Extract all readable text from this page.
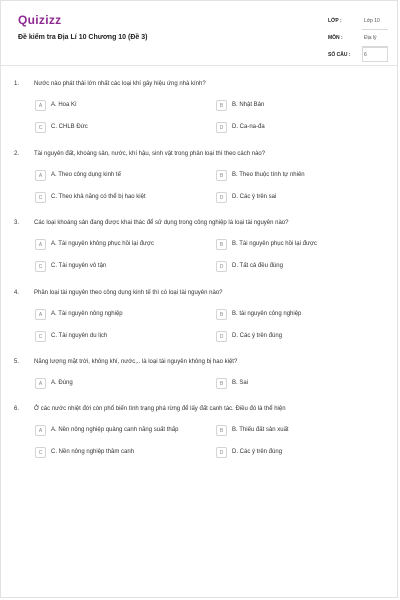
Quizizz
Đề kiểm tra Địa Lí 10 Chương 10 (Đề 3)
LỚP :	Lớp 10
MÔN :	Địa lý
SỐ CÂU :	6
1. Nước nào phát thải lớn nhất các loại khí gây hiệu ứng nhà kính?
A	A. Hoa Kì	B	B. Nhật Bản
C	C. CHLB Đức	D	D. Ca-na-đa
2. Tài nguyên đất, khoáng sản, nước, khí hậu, sinh vật trong phân loại thì theo cách nào?
A	A. Theo công dụng kinh tế	B	B. Theo thuộc tính tự nhiên
C	C. Theo khả năng có thể bị hao kiệt	D	D. Các ý trên sai
3. Các loại khoáng sản đang được khai thác để sử dụng trong công nghiệp là loại tài nguyên nào?
A	A. Tài nguyên không phục hồi lại được	B	B. Tài nguyên phục hồi lại được
C	C. Tài nguyên vô tận	D	D. Tất cả đều đúng
4. Phân loại tài nguyên theo công dụng kinh tế thì có loại tài nguyên nào?
A	A. Tài nguyên nông nghiệp	B	B. tài nguyên công nghiệp
C	C. Tài nguyên du lịch	D	D. Các ý trên đúng
5. Năng lượng mặt trời, không khí, nước,.. là loại tài nguyên không bị hao kiệt?
A	A. Đúng	B	B. Sai
6. Ở các nước nhiệt đới còn phổ biến tình trạng phá rừng để lấy đất canh tác. Điều đó là thể hiện
A	A. Nền nông nghiệp quảng canh năng suất thấp	B	B. Thiếu đất sản xuất
C	C. Nền nông nghiệp thâm canh	D	D. Các ý trên đúng
